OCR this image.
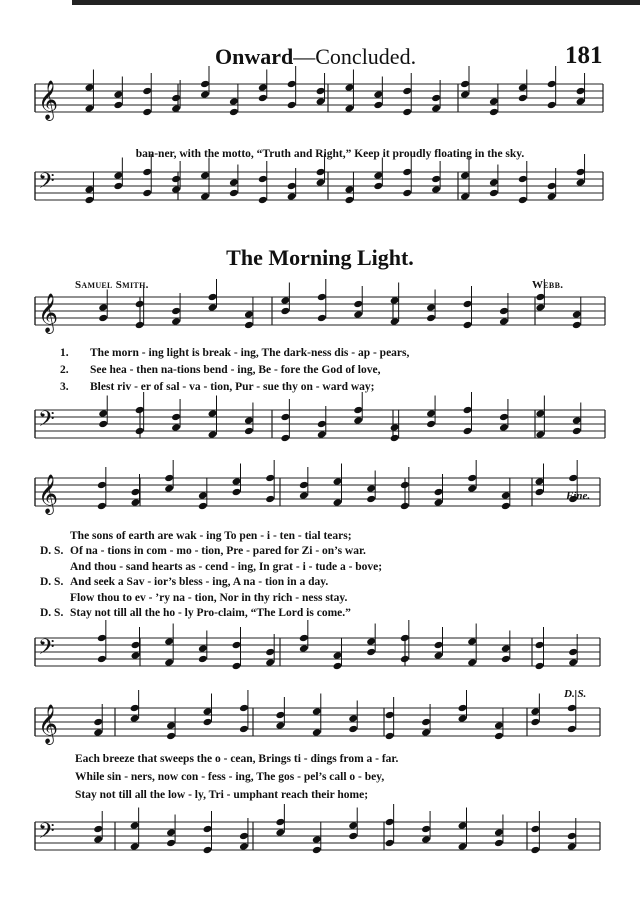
Onward—Concluded.	181
𝄞
𝄢
𝄞
𝄢
𝄞
𝄢
𝄞
𝄢
ban-ner, with the motto, “Truth and Right,” Keep it proudly floating in the sky.
The Morning Light.
Samuel Smith.	Webb.
1. The morn - ing light is break - ing, The dark-ness dis - ap - pears,
2. See hea - then na-tions bend - ing, Be - fore the God of love,
3. Blest riv - er of sal - va - tion, Pur - sue thy on - ward way;
The sons of earth are wak - ing To pen - i - ten - tial tears;
D. S. Of na - tions in com - mo - tion, Pre - pared for Zi - on’s war.
And thou - sand hearts as - cend - ing, In grat - i - tude a - bove;
D. S. And seek a Sav - ior’s bless - ing, A na - tion in a day.
Flow thou to ev - ’ry na - tion, Nor in thy rich - ness stay.
D. S. Stay not till all the ho - ly Pro-claim, “The Lord is come.”
Fine.
Each breeze that sweeps the o - cean, Brings ti - dings from a - far.
While sin - ners, now con - fess - ing, The gos - pel’s call o - bey,
Stay not till all the low - ly, Tri - umphant reach their home;
D. S.
